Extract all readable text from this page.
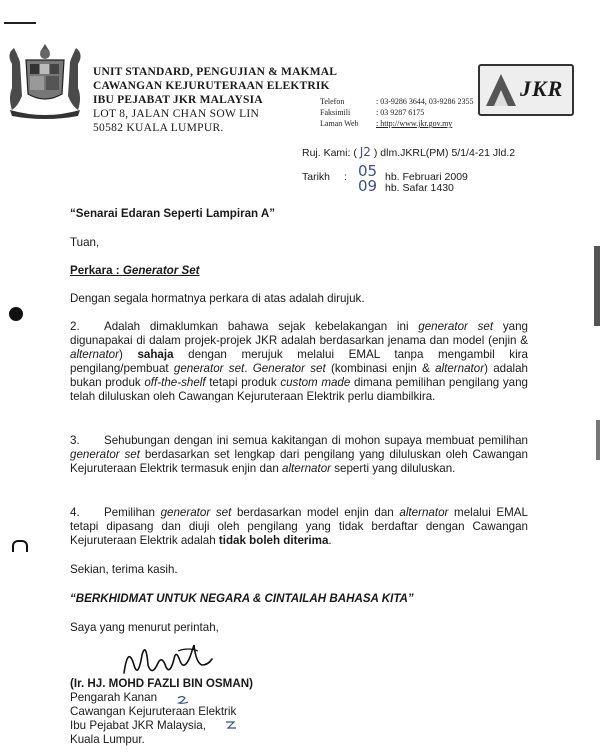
UNIT STANDARD, PENGUJIAN & MAKMAL
CAWANGAN KEJURUTERAAN ELEKTRIK
IBU PEJABAT JKR MALAYSIA
LOT 8, JALAN CHAN SOW LIN
50582 KUALA LUMPUR.
Telefon	: 03-9286 3644, 03-9286 2355
Faksimili	: 03 9287 6175
Laman Web : http://www.jkr.gov.my
JKR
Ruj. Kami: ( J2 ) dlm.JKRL(PM) 5/1/4-21 Jld.2
Tarikh : 05 hb. Februari 2009
09 hb. Safar 1430
“Senarai Edaran Seperti Lampiran A”
Tuan,
Perkara : Generator Set
Dengan segala hormatnya perkara di atas adalah dirujuk.
2. Adalah dimaklumkan bahawa sejak kebelakangan ini generator set yang digunapakai di dalam projek-projek JKR adalah berdasarkan jenama dan model (enjin & alternator) sahaja dengan merujuk melalui EMAL tanpa mengambil kira pengilang/pembuat generator set. Generator set (kombinasi enjin & alternator) adalah bukan produk off-the-shelf tetapi produk custom made dimana pemilihan pengilang yang telah diluluskan oleh Cawangan Kejuruteraan Elektrik perlu diambilkira.
3. Sehubungan dengan ini semua kakitangan di mohon supaya membuat pemilihan generator set berdasarkan set lengkap dari pengilang yang diluluskan oleh Cawangan Kejuruteraan Elektrik termasuk enjin dan alternator seperti yang diluluskan.
4. Pemilihan generator set berdasarkan model enjin dan alternator melalui EMAL tetapi dipasang dan diuji oleh pengilang yang tidak berdaftar dengan Cawangan Kejuruteraan Elektrik adalah tidak boleh diterima.
Sekian, terima kasih.
“BERKHIDMAT UNTUK NEGARA & CINTAILAH BAHASA KITA”
Saya yang menurut perintah,
(Ir. HJ. MOHD FAZLI BIN OSMAN)
Pengarah Kanan
Cawangan Kejuruteraan Elektrik
Ibu Pejabat JKR Malaysia,
Kuala Lumpur.
